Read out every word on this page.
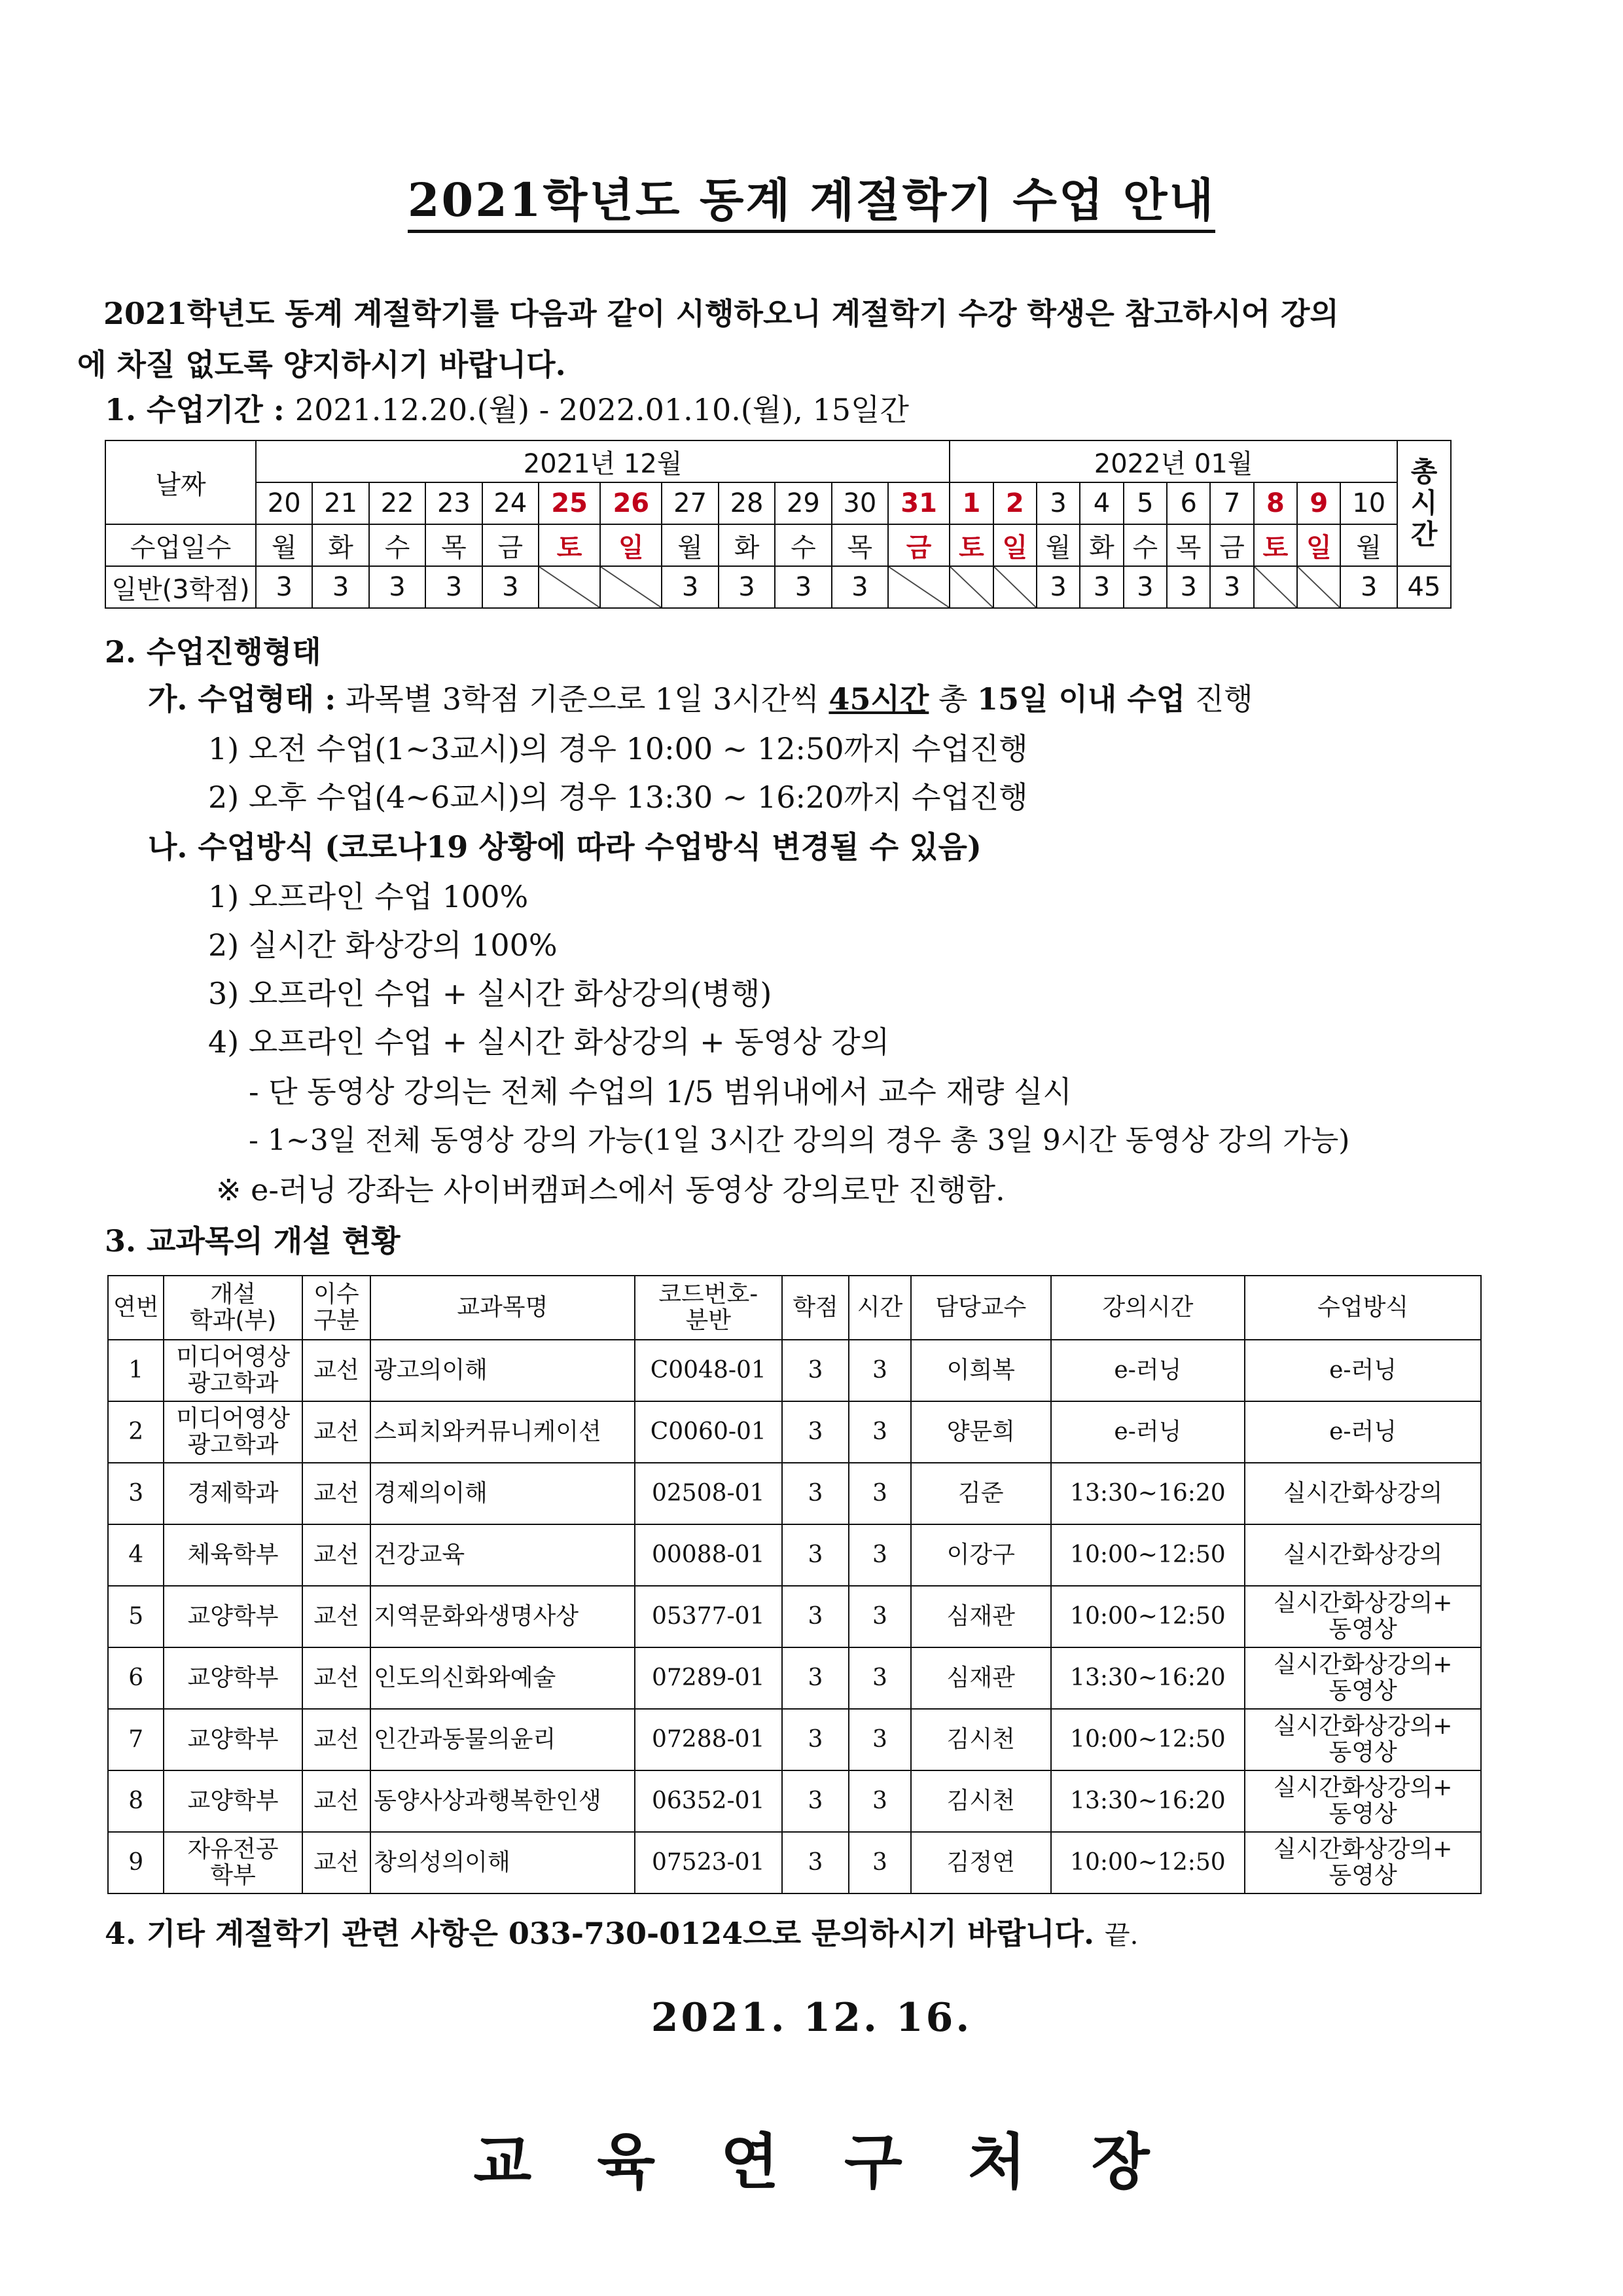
2021학년도 동계 계절학기 수업 안내
2021학년도 동계 계절학기를 다음과 같이 시행하오니 계절학기 수강 학생은 참고하시어 강의
에 차질 없도록 양지하시기 바랍니다.
1. 수업기간 : 2021.12.20.(월) - 2022.01.10.(월), 15일간
날짜	2021년 12월												2022년 01월										총
시
간
	20	21	22	23	24	25	26	27	28	29	30	31	1	2	3	4	5	6	7	8	9	10	
수업일수	월	화	수	목	금	토	일	월	화	수	목	금	토	일	월	화	수	목	금	토	일	월	
일반(3학점)	3	3	3	3	3			3	3	3	3				3	3	3	3	3			3	45
2. 수업진행형태
가. 수업형태 : 과목별 3학점 기준으로 1일 3시간씩 45시간 총 15일 이내 수업 진행
1) 오전 수업(1~3교시)의 경우 10:00 ~ 12:50까지 수업진행
2) 오후 수업(4~6교시)의 경우 13:30 ~ 16:20까지 수업진행
나. 수업방식 (코로나19 상황에 따라 수업방식 변경될 수 있음)
1) 오프라인 수업 100%
2) 실시간 화상강의 100%
3) 오프라인 수업 + 실시간 화상강의(병행)
4) 오프라인 수업 + 실시간 화상강의 + 동영상 강의
- 단 동영상 강의는 전체 수업의 1/5 범위내에서 교수 재량 실시
- 1~3일 전체 동영상 강의 가능(1일 3시간 강의의 경우 총 3일 9시간 동영상 강의 가능)
※ e-러닝 강좌는 사이버캠퍼스에서 동영상 강의로만 진행함.
3. 교과목의 개설 현황
연번	개설
학과(부)	이수
구분	교과목명	코드번호-
분반	학점	시간	담당교수	강의시간	수업방식
1	미디어영상
광고학과	교선	광고의이해	C0048-01	3	3	이희복	e-러닝	e-러닝
2	미디어영상
광고학과	교선	스피치와커뮤니케이션	C0060-01	3	3	양문희	e-러닝	e-러닝
3	경제학과	교선	경제의이해	02508-01	3	3	김준	13:30~16:20	실시간화상강의
4	체육학부	교선	건강교육	00088-01	3	3	이강구	10:00~12:50	실시간화상강의
5	교양학부	교선	지역문화와생명사상	05377-01	3	3	심재관	10:00~12:50	실시간화상강의+
동영상
6	교양학부	교선	인도의신화와예술	07289-01	3	3	심재관	13:30~16:20	실시간화상강의+
동영상
7	교양학부	교선	인간과동물의윤리	07288-01	3	3	김시천	10:00~12:50	실시간화상강의+
동영상
8	교양학부	교선	동양사상과행복한인생	06352-01	3	3	김시천	13:30~16:20	실시간화상강의+
동영상
9	자유전공
학부	교선	창의성의이해	07523-01	3	3	김정연	10:00~12:50	실시간화상강의+
동영상
4. 기타 계절학기 관련 사항은 033-730-0124으로 문의하시기 바랍니다. 끝.
2021. 12. 16.
교육연구처장
